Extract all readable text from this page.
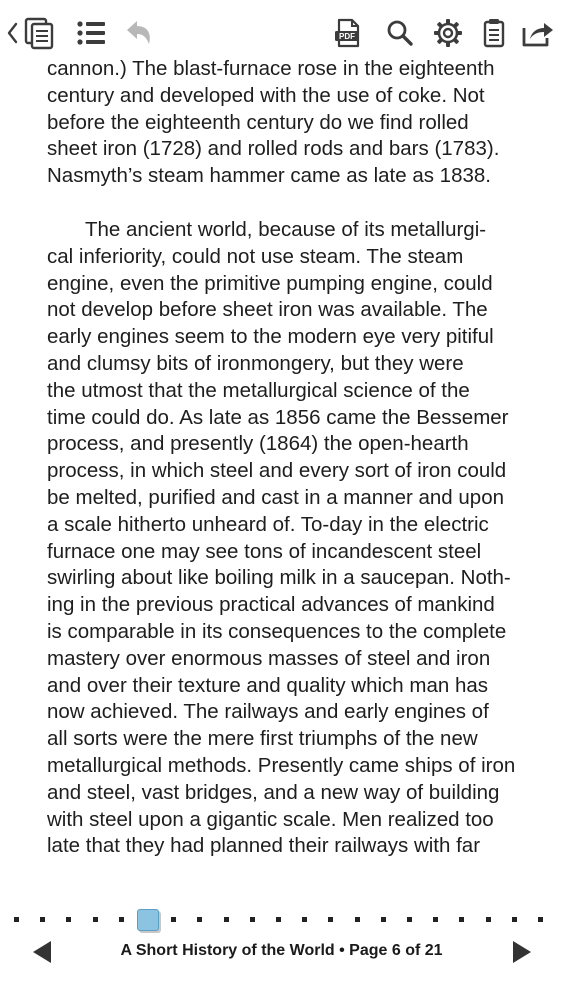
PDF
cannon.) The blast-furnace rose in the eighteenth
century and developed with the use of coke. Not
before the eighteenth century do we find rolled
sheet iron (1728) and rolled rods and bars (1783).
Nasmyth’s steam hammer came as late as 1838.
The ancient world, because of its metallurgi-
cal inferiority, could not use steam. The steam
engine, even the primitive pumping engine, could
not develop before sheet iron was available. The
early engines seem to the modern eye very pitiful
and clumsy bits of ironmongery, but they were
the utmost that the metallurgical science of the
time could do. As late as 1856 came the Bessemer
process, and presently (1864) the open-hearth
process, in which steel and every sort of iron could
be melted, purified and cast in a manner and upon
a scale hitherto unheard of. To-day in the electric
furnace one may see tons of incandescent steel
swirling about like boiling milk in a saucepan. Noth-
ing in the previous practical advances of mankind
is comparable in its consequences to the complete
mastery over enormous masses of steel and iron
and over their texture and quality which man has
now achieved. The railways and early engines of
all sorts were the mere first triumphs of the new
metallurgical methods. Presently came ships of iron
and steel, vast bridges, and a new way of building
with steel upon a gigantic scale. Men realized too
late that they had planned their railways with far
A Short History of the World • Page 6 of 21
